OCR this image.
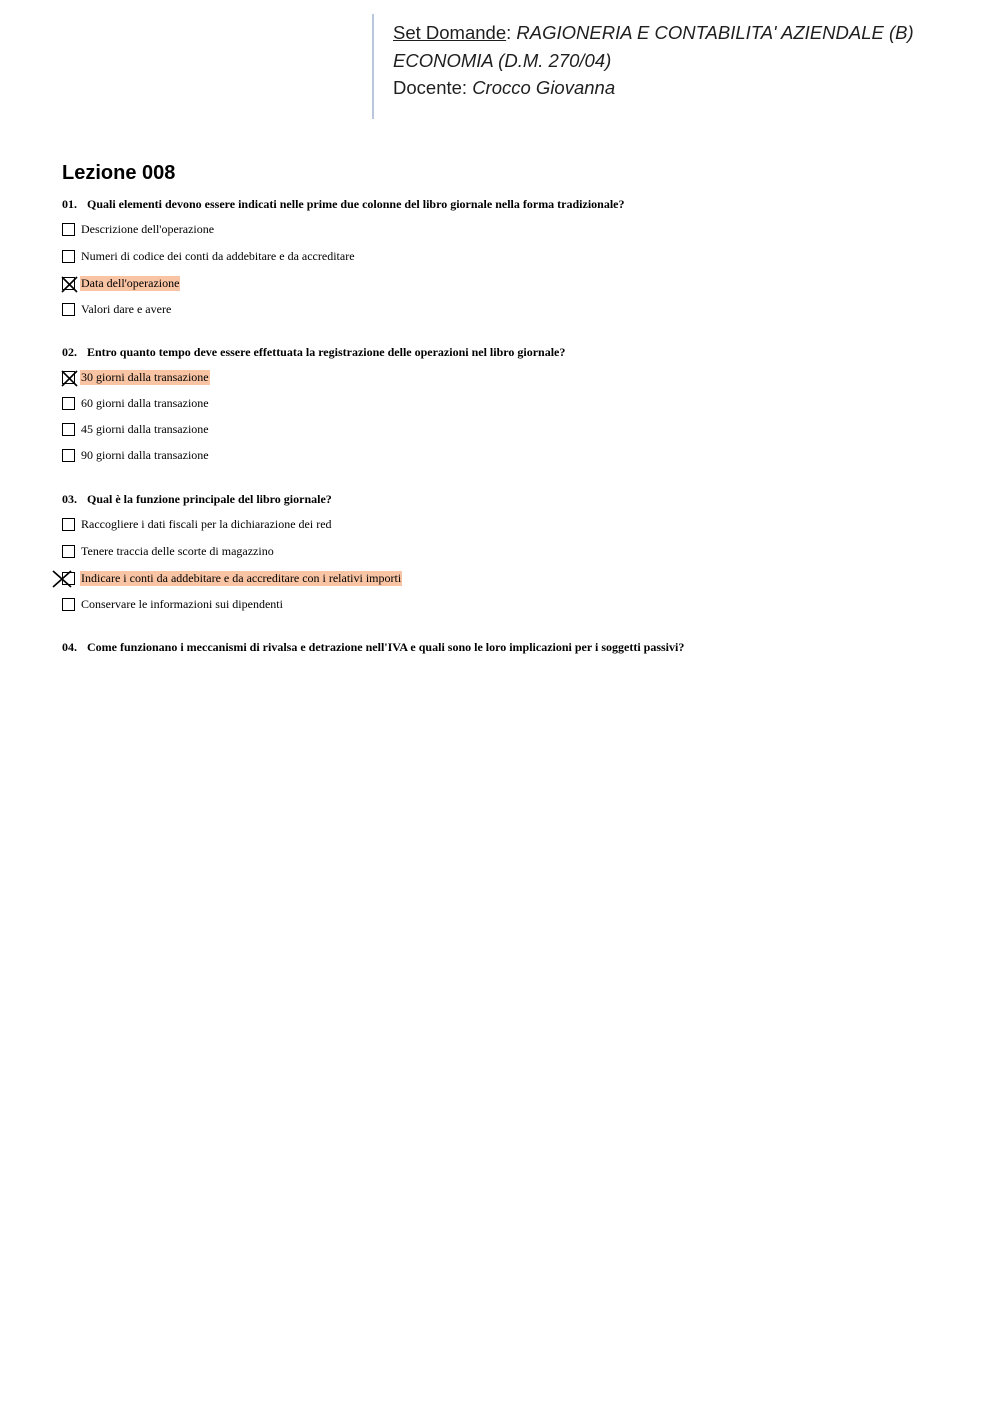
Set Domande: RAGIONERIA E CONTABILITA' AZIENDALE (B)
ECONOMIA (D.M. 270/04)
Docente: Crocco Giovanna
Lezione 008
01. Quali elementi devono essere indicati nelle prime due colonne del libro giornale nella forma tradizionale?
Descrizione dell'operazione
Numeri di codice dei conti da addebitare e da accreditare
Data dell'operazione
Valori dare e avere
02. Entro quanto tempo deve essere effettuata la registrazione delle operazioni nel libro giornale?
30 giorni dalla transazione
60 giorni dalla transazione
45 giorni dalla transazione
90 giorni dalla transazione
03. Qual è la funzione principale del libro giornale?
Raccogliere i dati fiscali per la dichiarazione dei red
Tenere traccia delle scorte di magazzino
Indicare i conti da addebitare e da accreditare con i relativi importi
Conservare le informazioni sui dipendenti
04. Come funzionano i meccanismi di rivalsa e detrazione nell'IVA e quali sono le loro implicazioni per i soggetti passivi?
